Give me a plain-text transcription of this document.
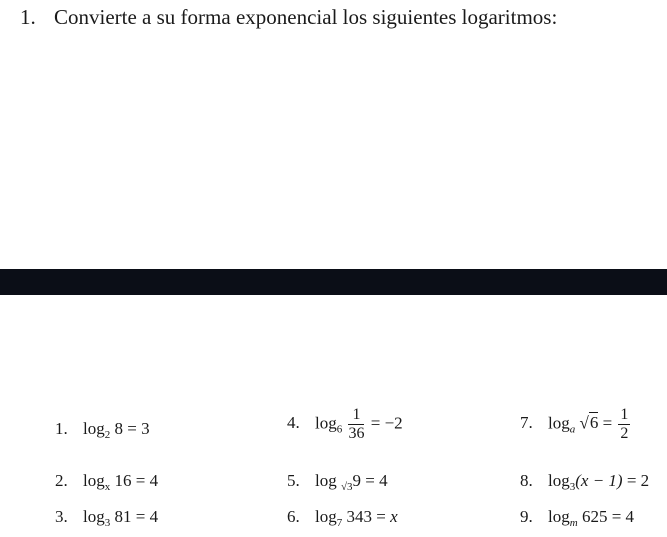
1. Convierte a su forma exponencial los siguientes logaritmos:
1. $\log_2 8 = 3$
2. $\log_x 16 = 4$
3. $\log_3 81 = 4$
4. $\log_6 \frac{1}{36} = -2$
5. log $_{√3}$9 = 4
6. $\log_7 343 = x$
7. $\log_a √6 = \frac{1}{2}$
8. $\log_3(x - 1) = 2$
9. $\log_m 625 = 4$
